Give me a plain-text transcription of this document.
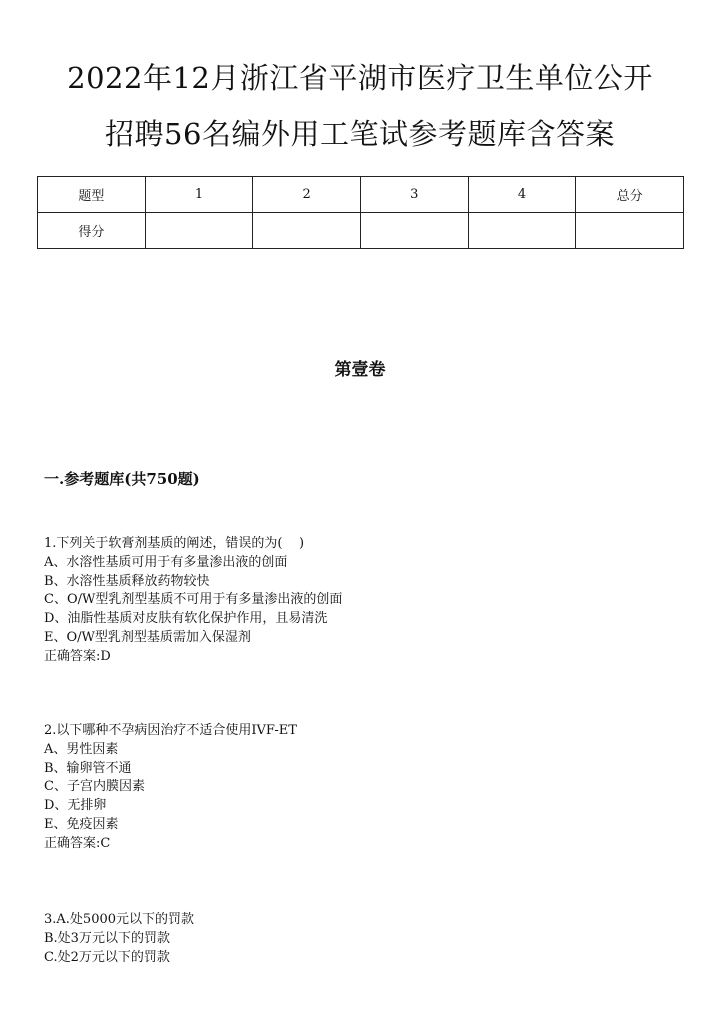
2022年12月浙江省平湖市医疗卫生单位公开
招聘56名编外用工笔试参考题库含答案
题型	1	2	3	4	总分
得分					
第壹卷
一.参考题库(共750题)
1.下列关于软膏剂基质的阐述，错误的为(    )
A、水溶性基质可用于有多量渗出液的创面
B、水溶性基质释放药物较快
C、O/W型乳剂型基质不可用于有多量渗出液的创面
D、油脂性基质对皮肤有软化保护作用，且易清洗
E、O/W型乳剂型基质需加入保湿剂
正确答案:D
2.以下哪种不孕病因治疗不适合使用IVF-ET
A、男性因素
B、输卵管不通
C、子宫内膜因素
D、无排卵
E、免疫因素
正确答案:C
3.A.处5000元以下的罚款
B.处3万元以下的罚款
C.处2万元以下的罚款
